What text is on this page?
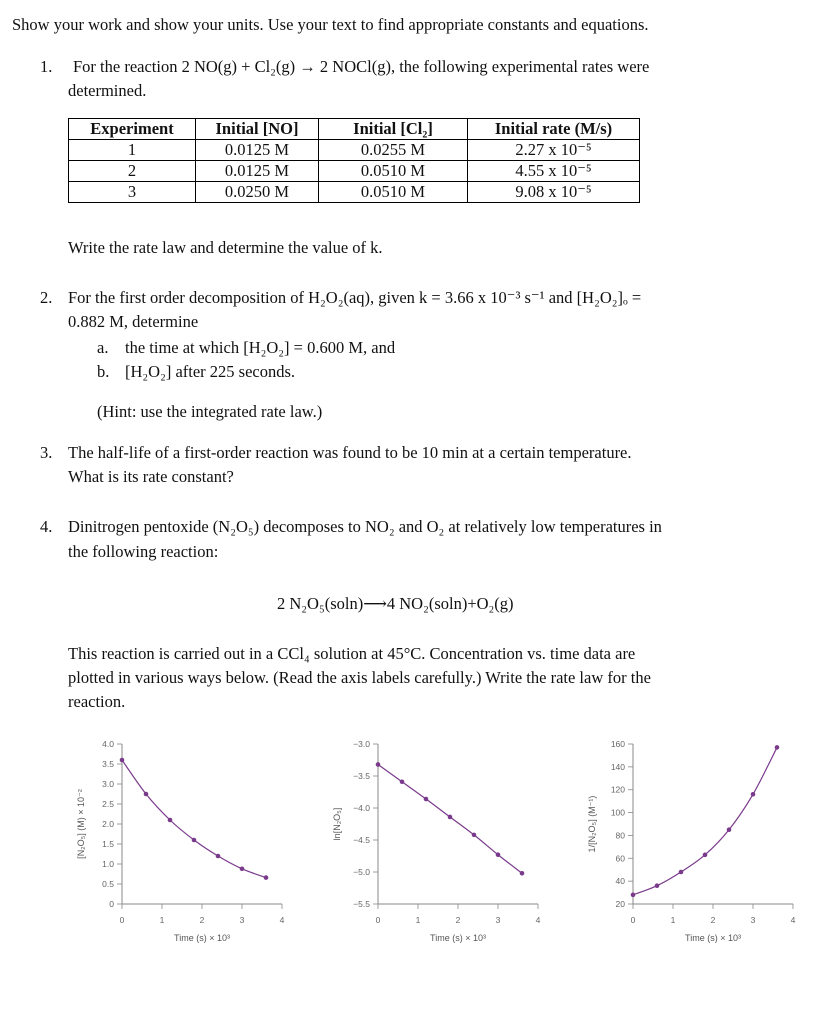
Show your work and show your units. Use your text to find appropriate constants and equations.
1. For the reaction 2 NO(g) + Cl₂(g) → 2 NOCl(g), the following experimental rates were
determined.
Experiment	Initial [NO]	Initial [Cl₂]	Initial rate (M/s)
1	0.0125 M	0.0255 M	2.27 x 10⁻⁵
2	0.0125 M	0.0510 M	4.55 x 10⁻⁵
3	0.0250 M	0.0510 M	9.08 x 10⁻⁵
Write the rate law and determine the value of k.
2. For the first order decomposition of H₂O₂(aq), given k = 3.66 x 10⁻³ s⁻¹ and [H₂O₂]ₒ =
0.882 M, determine
a. the time at which [H₂O₂] = 0.600 M, and
b. [H₂O₂] after 225 seconds.
(Hint: use the integrated rate law.)
3. The half-life of a first-order reaction was found to be 10 min at a certain temperature.
What is its rate constant?
4. Dinitrogen pentoxide (N₂O₅) decomposes to NO₂ and O₂ at relatively low temperatures in
the following reaction:
2 N₂O₅(soln)⟶4 NO₂(soln)+O₂(g)
This reaction is carried out in a CCl₄ solution at 45°C. Concentration vs. time data are
plotted in various ways below. (Read the axis labels carefully.) Write the rate law for the
reaction.
0
0.5
1.0
1.5
2.0
2.5
3.0
3.5
4.0
0	1	2	3	4
Time (s) × 10³
[N₂O₅] (M) × 10⁻²
−5.5
−5.0
−4.5
−4.0
−3.5
−3.0
0	1	2	3	4
Time (s) × 10³
ln[N₂O₅]
20
40
60
80
100
120
140
160
0	1	2	3	4
Time (s) × 10³
1/[N₂O₅] (M⁻¹)
